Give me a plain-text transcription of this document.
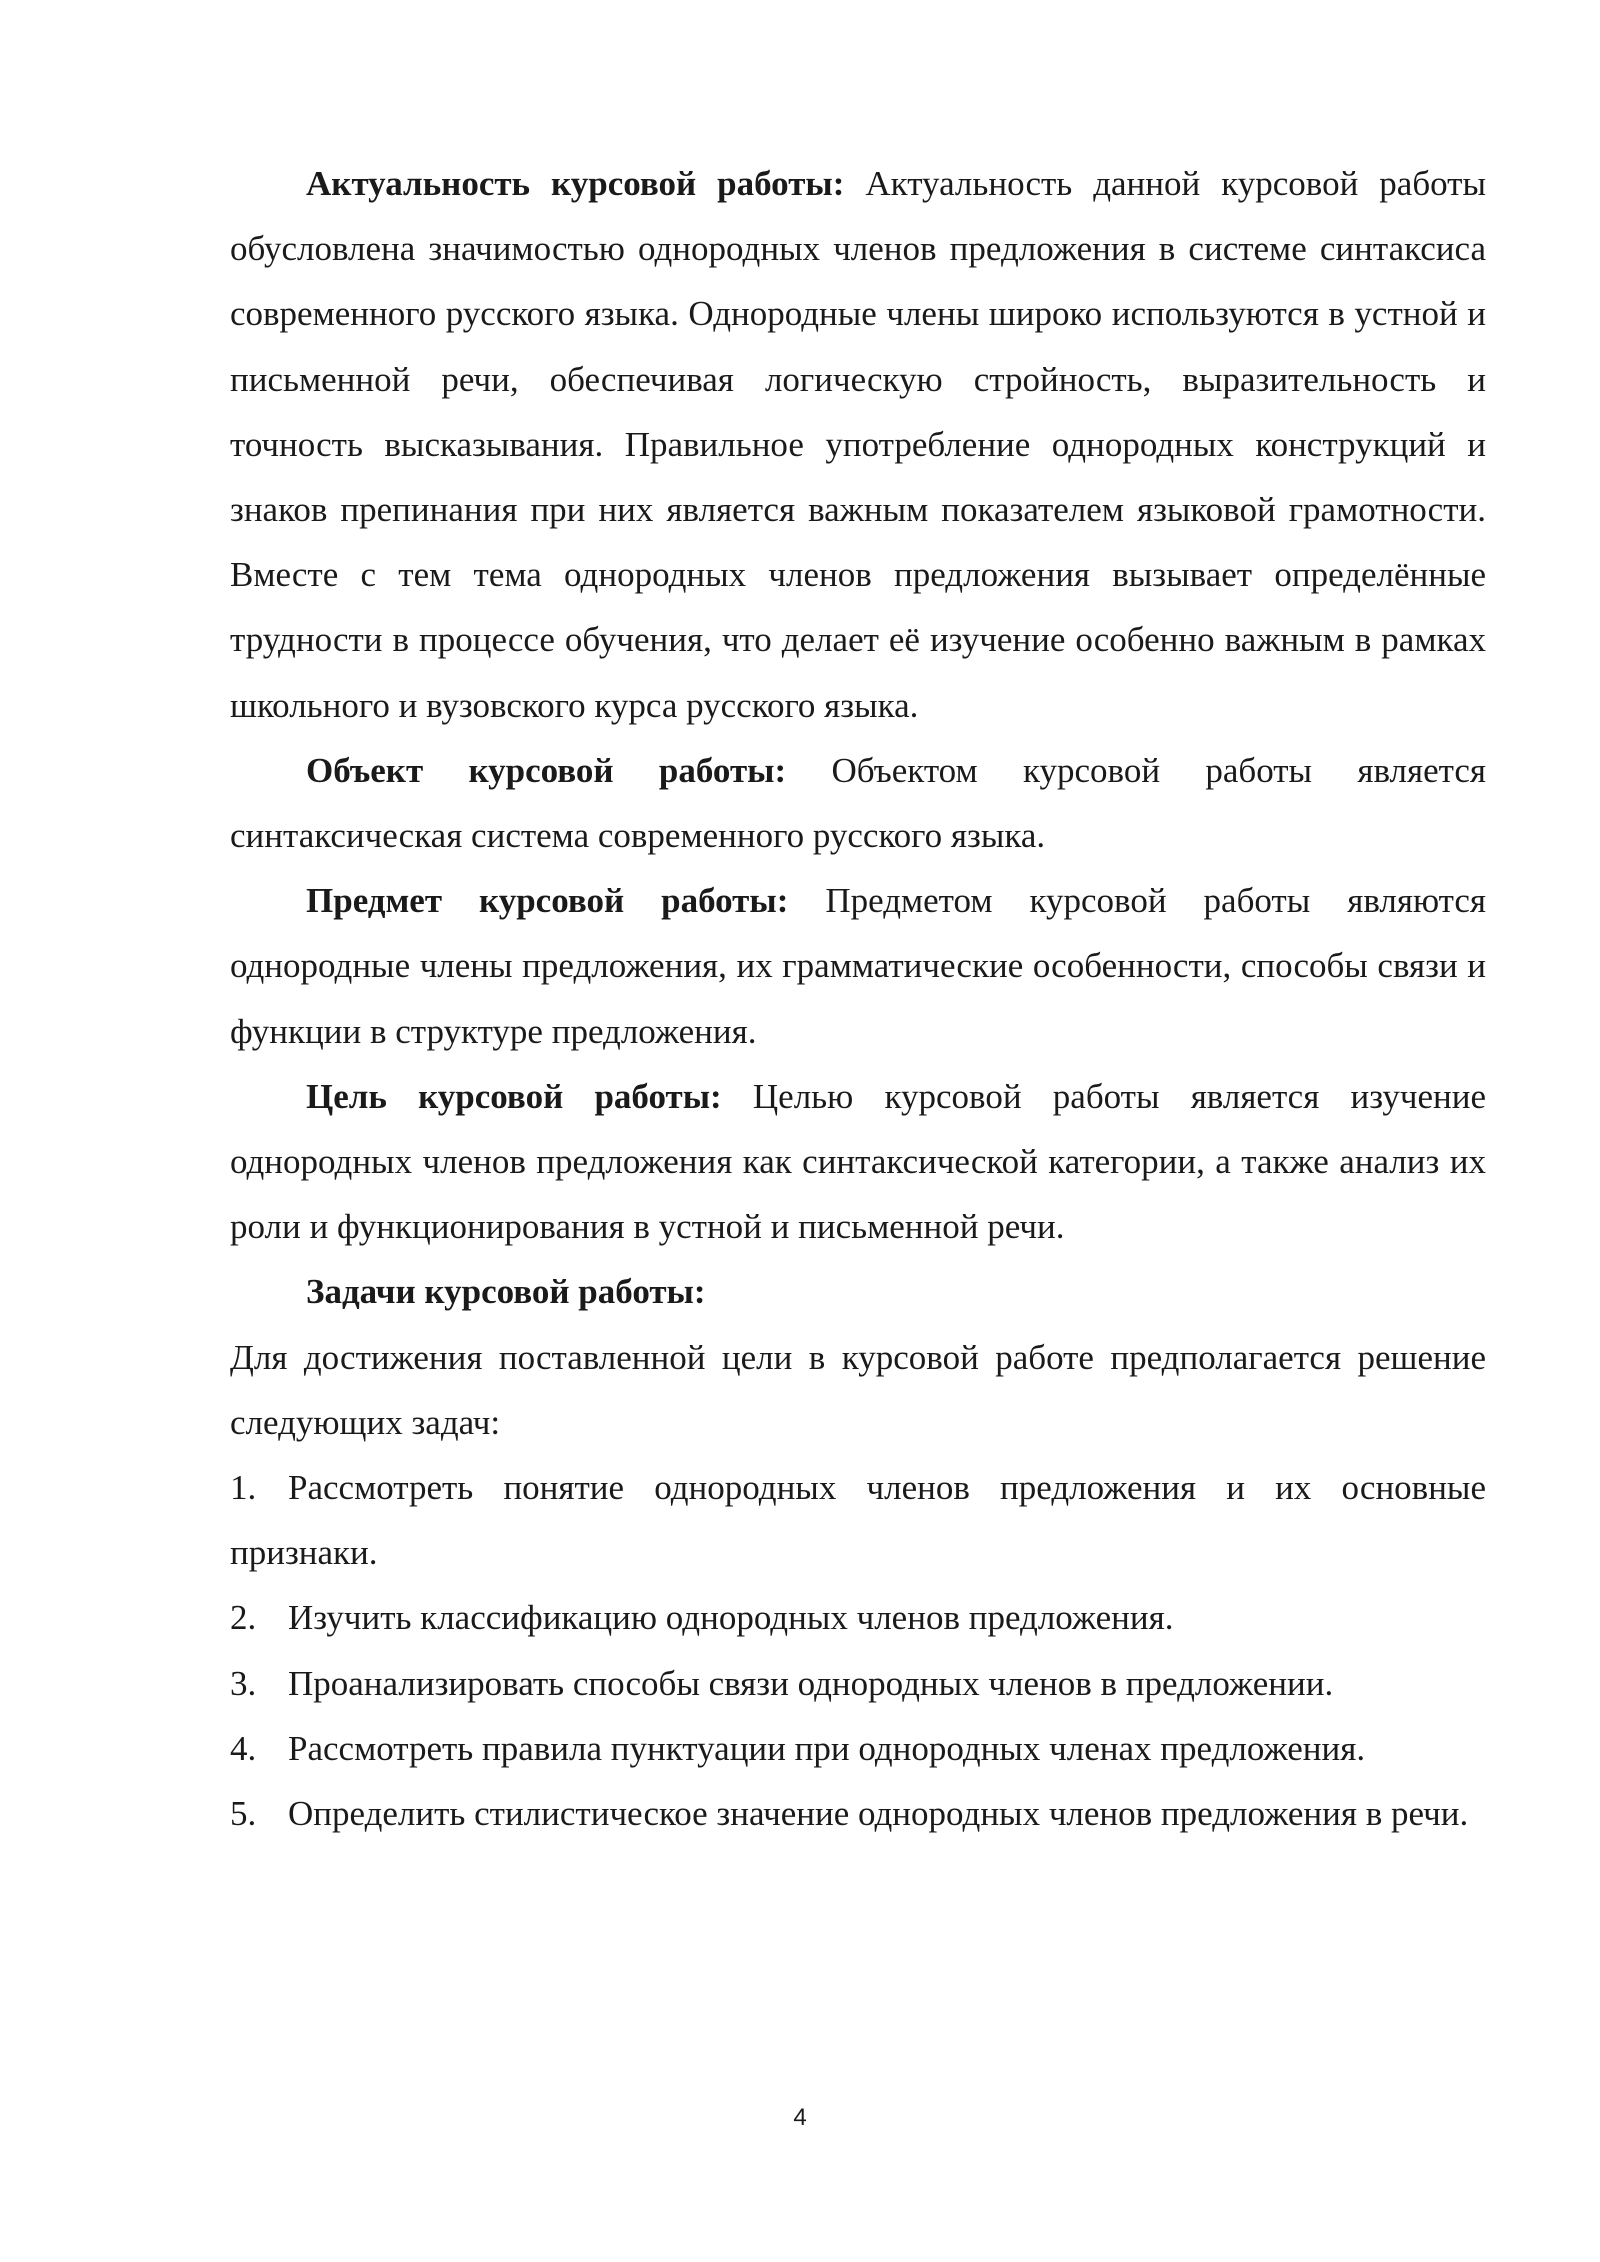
Актуальность курсовой работы: Актуальность данной курсовой работы обусловлена значимостью однородных членов предложения в системе синтаксиса современного русского языка. Однородные члены широко используются в устной и письменной речи, обеспечивая логическую стройность, выразительность и точность высказывания. Правильное употребление однородных конструкций и знаков препинания при них является важным показателем языковой грамотности. Вместе с тем тема однородных членов предложения вызывает определённые трудности в процессе обучения, что делает её изучение особенно важным в рамках школьного и вузовского курса русского языка.

Объект курсовой работы: Объектом курсовой работы является синтаксическая система современного русского языка.

Предмет курсовой работы: Предметом курсовой работы являются однородные члены предложения, их грамматические особенности, способы связи и функции в структуре предложения.

Цель курсовой работы: Целью курсовой работы является изучение однородных членов предложения как синтаксической категории, а также анализ их роли и функционирования в устной и письменной речи.

Задачи курсовой работы:

Для достижения поставленной цели в курсовой работе предполагается решение следующих задач:

1. Рассмотреть понятие однородных членов предложения и их основные признаки.

2. Изучить классификацию однородных членов предложения.

3. Проанализировать способы связи однородных членов в предложении.

4. Рассмотреть правила пунктуации при однородных членах предложения.

5. Определить стилистическое значение однородных членов предложения в речи.

4
